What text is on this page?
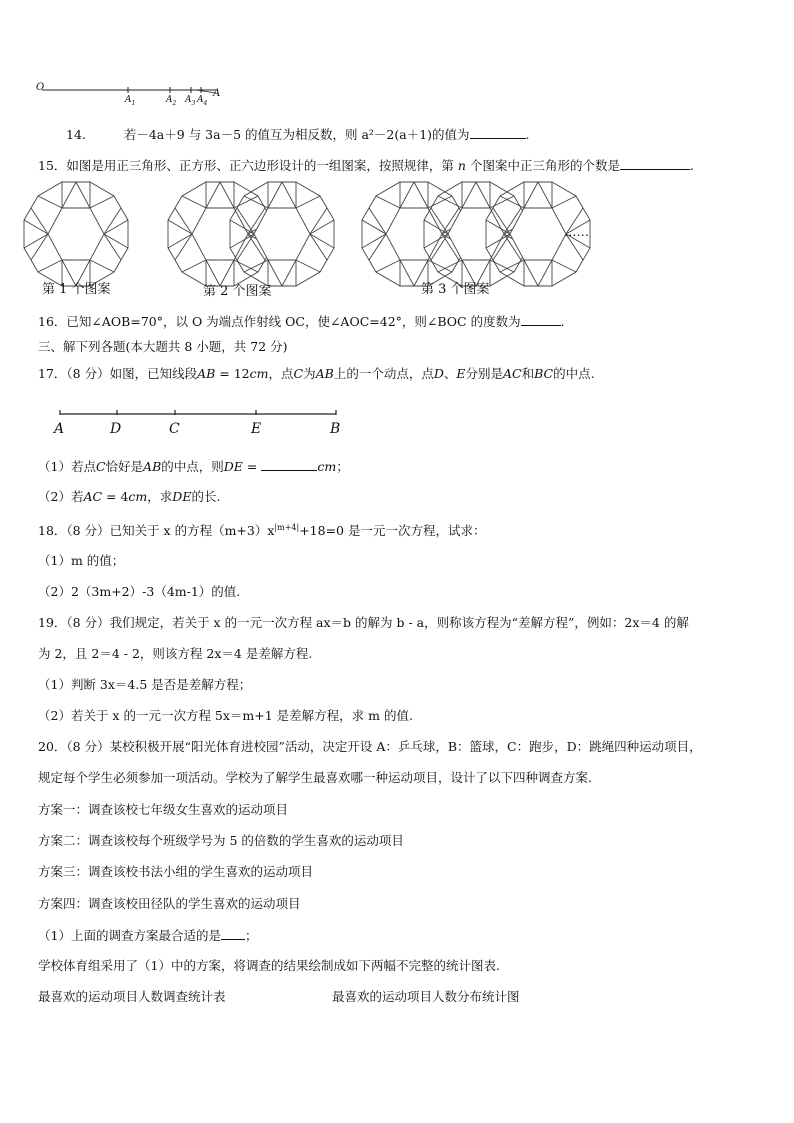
O
A
$A_1$	$A_2$ $A_3$ $A_4$
14.	若－4a＋9 与 3a－5 的值互为相反数，则 a²－2(a＋1)的值为	.
15．如图是用正三角形、正方形、正六边形设计的一组图案，按照规律，第 n 个图案中正三角形的个数是	.
……
第 1 个图案	第 2 个图案	第 3 个图案
16．已知∠AOB=70°，以 O 为端点作射线 OC，使∠AOC=42°，则∠BOC 的度数为	.
三、解下列各题(本大题共 8 小题，共 72 分)
17．（8 分）如图，已知线段AB = 12cm，点C为AB上的一个动点，点D、E分别是AC和BC的中点.
A	D	C	E	B
（1）若点C恰好是AB的中点，则DE =	cm；
（2）若AC = 4cm，求DE的长.
18．（8 分）已知关于 x 的方程$(m+3)x^{|m+4|}+18=0$ 是一元一次方程，试求：
（1）m 的值；
（2）2（3m+2）-3（4m-1）的值.
19．（8 分）我们规定，若关于 x 的一元一次方程 ax＝b 的解为 b - a，则称该方程为“差解方程”，例如：2x＝4 的解
为 2，且 2＝4 - 2，则该方程 2x＝4 是差解方程.
（1）判断 3x＝4.5 是否是差解方程；
（2）若关于 x 的一元一次方程 5x＝m+1 是差解方程，求 m 的值.
20．（8 分）某校积极开展“阳光体育进校园”活动，决定开设 A：乒乓球，B：篮球，C：跑步，D：跳绳四种运动项目，
规定每个学生必须参加一项活动。学校为了解学生最喜欢哪一种运动项目，设计了以下四种调查方案.
方案一：调查该校七年级女生喜欢的运动项目
方案二：调查该校每个班级学号为 5 的倍数的学生喜欢的运动项目
方案三：调查该校书法小组的学生喜欢的运动项目
方案四：调查该校田径队的学生喜欢的运动项目
（1）上面的调查方案最合适的是 ；
学校体育组采用了（1）中的方案，将调查的结果绘制成如下两幅不完整的统计图表.
最喜欢的运动项目人数调查统计表	最喜欢的运动项目人数分布统计图
